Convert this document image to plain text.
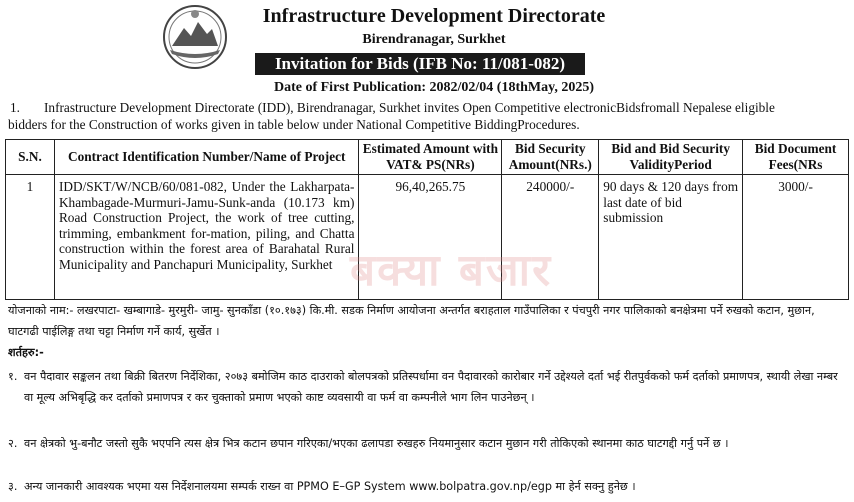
Infrastructure Development Directorate
Birendranagar, Surkhet
Invitation for Bids (IFB No: 11/081-082)
Date of First Publication: 2082/02/04 (18thMay, 2025)
1. Infrastructure Development Directorate (IDD), Birendranagar, Surkhet invites Open Competitive electronicBidsfromall Nepalese eligible
bidders for the Construction of works given in table below under National Competitive BiddingProcedures.
S.N.	Contract Identification Number/Name of Project	Estimated Amount with VAT& PS(NRs)	Bid Security Amount(NRs.)	Bid and Bid Security ValidityPeriod	Bid Document Fees(NRs
1	IDD/SKT/W/NCB/60/081-082, Under the Lakharpata-Khambagade-Murmuri-Jamu-Sunk-anda (10.173 km) Road Construction Project, the work of tree cutting, trimming, embankment for-mation, piling, and Chatta construction within the forest area of Barahatal Rural Municipality and Panchapuri Municipality, Surkhet	96,40,265.75	240000/-	90 days & 120 days from last date of bid submission	3000/-
बक्या बजार
योजनाको नाम:- लखरपाटा- खम्बागाडे- मुरमुरी- जामु- सुनकाँडा (१०.१७३) कि.मी. सडक निर्माण आयोजना अन्तर्गत बराहताल गाउँपालिका र पंचपुरी नगर पालिकाको बनक्षेत्रमा पर्ने रुखको कटान, मुछान, घाटगढी पाईलिङ्ग तथा चट्टा निर्माण गर्ने कार्य, सुर्खेत ।
शर्तहरु:-
१. वन पैदावार सङ्कलन तथा बिक्री बितरण निर्देशिका, २०७३ बमोजिम काठ दाउराको बोलपत्रको प्रतिस्पर्धामा वन पैदावारको कारोबार गर्ने उद्देश्यले दर्ता भई रीतपुर्वकको फर्म दर्ताको प्रमाणपत्र, स्थायी लेखा नम्बर वा मूल्य अभिबृद्धि कर दर्ताको प्रमाणपत्र र कर चुक्ताको प्रमाण भएको काष्ट व्यवसायी वा फर्म वा कम्पनीले भाग लिन पाउनेछन् ।
२. वन क्षेत्रको भु-बनौट जस्तो सुकै भएपनि त्यस क्षेत्र भित्र कटान छपान गरिएका/भएका ढलापडा रुखहरु नियमानुसार कटान मुछान गरी तोकिएको स्थानमा काठ घाटगद्दी गर्नु पर्ने छ ।
३. अन्य जानकारी आवश्यक भएमा यस निर्देशनालयमा सम्पर्क राख्न वा PPMO E–GP System www.bolpatra.gov.np/egp मा हेर्न सक्नु हुनेछ ।
